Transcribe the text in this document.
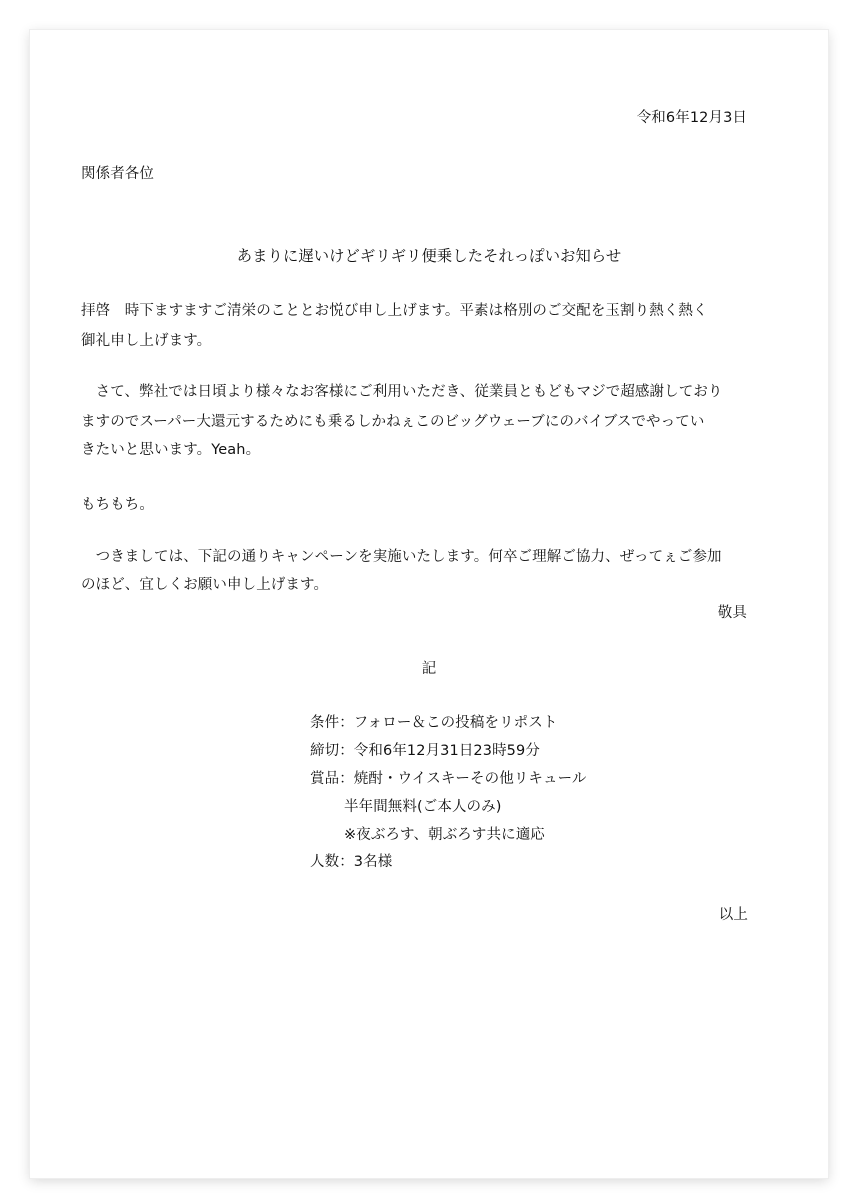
令和6年12月3日

関係者各位

あまりに遅いけどギリギリ便乗したそれっぽいお知らせ

拝啓　時下ますますご清栄のこととお悦び申し上げます。平素は格別のご交配を玉割り熱く熱く

御礼申し上げます。

　さて、弊社では日頃より様々なお客様にご利用いただき、従業員ともどもマジで超感謝しており

ますのでスーパー大還元するためにも乗るしかねぇこのビッグウェーブにのバイブスでやってい

きたいと思います。Yeah。

もちもち。

　つきましては、下記の通りキャンペーンを実施いたします。何卒ご理解ご協力、ぜってぇご参加

のほど、宜しくお願い申し上げます。

敬具

記

条件：フォロー＆この投稿をリポスト

締切：令和6年12月31日23時59分

賞品：焼酎・ウイスキーその他リキュール

半年間無料(ご本人のみ)

※夜ぶろす、朝ぶろす共に適応

人数：3名様

以上
